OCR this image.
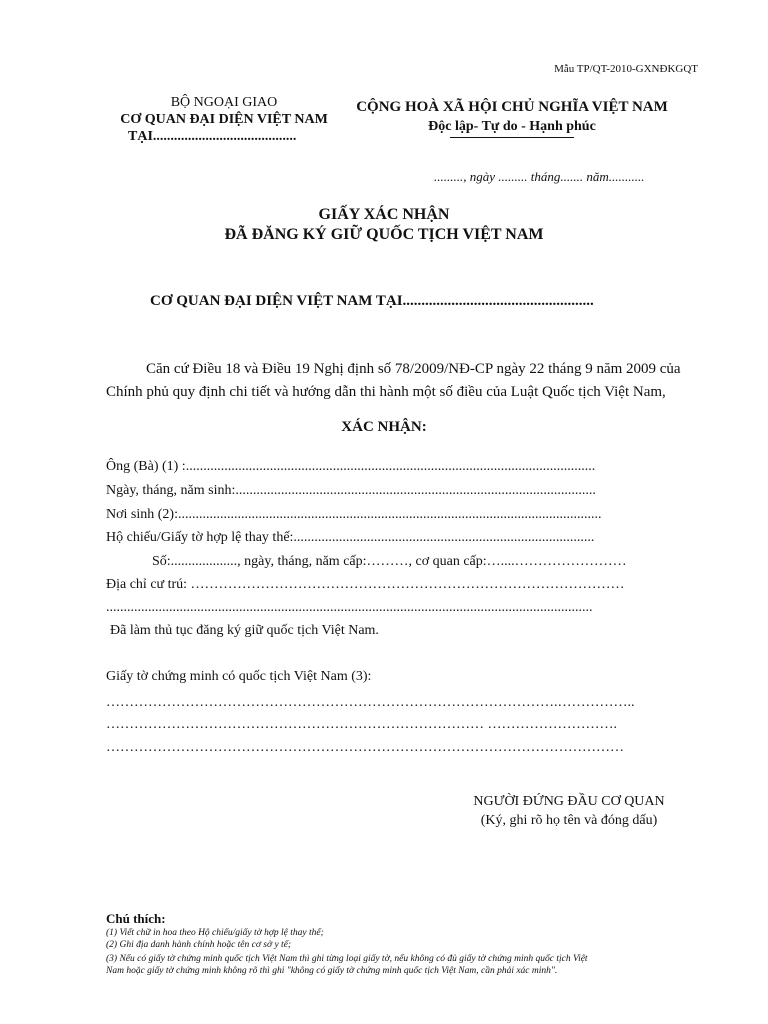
Mẫu TP/QT-2010-GXNĐKGQT
BỘ NGOẠI GIAO
CƠ QUAN ĐẠI DIỆN VIỆT NAM
TẠI.........................................
CỘNG HOÀ XÃ HỘI CHỦ NGHĨA VIỆT NAM
Độc lập- Tự do - Hạnh phúc
........., ngày ......... tháng....... năm...........
GIẤY XÁC NHẬN
ĐÃ ĐĂNG KÝ GIỮ QUỐC TỊCH VIỆT NAM
CƠ QUAN ĐẠI DIỆN VIỆT NAM TẠI...................................................
Căn cứ Điều 18 và Điều 19 Nghị định số 78/2009/NĐ-CP ngày 22 tháng 9 năm 2009 của Chính phủ quy định chi tiết và hướng dẫn thi hành một số điều của Luật Quốc tịch Việt Nam,
XÁC NHẬN:
Ông (Bà) (1) :.....................................................................................................................
Ngày, tháng, năm sinh:.......................................................................................................
Nơi sinh (2):.........................................................................................................................
Hộ chiếu/Giấy tờ hợp lệ thay thế:......................................................................................
Số:..................., ngày, tháng, năm cấp:………, cơ quan cấp:…....……………………
Địa chỉ cư trú: …………………………………………………………………………………
...........................................................................................................................................
Đã làm thủ tục đăng ký giữ quốc tịch Việt Nam.
Giấy tờ chứng minh có quốc tịch Việt Nam (3):
…………………………………………………………………………………….……………..
……………………………………………………………………… ……………………….
…………………………………………………………………………………………………
NGƯỜI ĐỨNG ĐẦU CƠ QUAN
(Ký, ghi rõ họ tên và đóng dấu)
Chú thích:
(1) Viết chữ in hoa theo Hộ chiếu/giấy tờ hợp lệ thay thế;
(2) Ghi địa danh hành chính hoặc tên cơ sở y tế;
(3) Nếu có giấy tờ chứng minh quốc tịch Việt Nam thì ghi từng loại giấy tờ, nếu không có đủ giấy tờ chứng minh quốc tịch Việt
Nam hoặc giấy tờ chứng minh không rõ thì ghi "không có giấy tờ chứng minh quốc tịch Việt Nam, cần phải xác minh".
